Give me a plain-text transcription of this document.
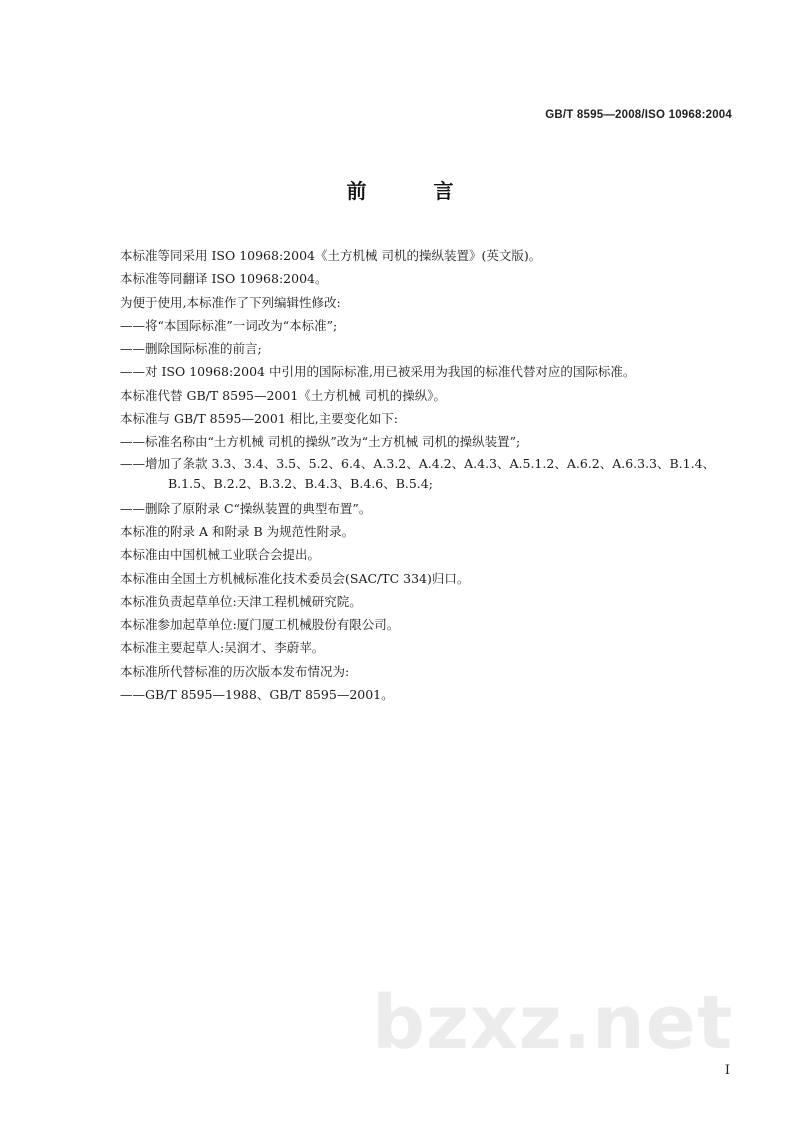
GB/T 8595—2008/ISO 10968:2004
前 言
本标准等同采用 ISO 10968:2004《土方机械 司机的操纵装置》(英文版)。
本标准等同翻译 ISO 10968:2004。
为便于使用,本标准作了下列编辑性修改:
——将“本国际标准”一词改为“本标准”;
——删除国际标准的前言;
——对 ISO 10968:2004 中引用的国际标准,用已被采用为我国的标准代替对应的国际标准。
本标准代替 GB/T 8595—2001《土方机械 司机的操纵》。
本标准与 GB/T 8595—2001 相比,主要变化如下:
——标准名称由“土方机械 司机的操纵”改为“土方机械 司机的操纵装置”;
——增加了条款 3.3、3.4、3.5、5.2、6.4、A.3.2、A.4.2、A.4.3、A.5.1.2、A.6.2、A.6.3.3、B.1.4、B.1.5、B.2.2、B.3.2、B.4.3、B.4.6、B.5.4;
——删除了原附录 C“操纵装置的典型布置”。
本标准的附录 A 和附录 B 为规范性附录。
本标准由中国机械工业联合会提出。
本标准由全国土方机械标准化技术委员会(SAC/TC 334)归口。
本标准负责起草单位:天津工程机械研究院。
本标准参加起草单位:厦门厦工机械股份有限公司。
本标准主要起草人:吴润才、李蔚苹。
本标准所代替标准的历次版本发布情况为:
——GB/T 8595—1988、GB/T 8595—2001。
bzxz.net
I
